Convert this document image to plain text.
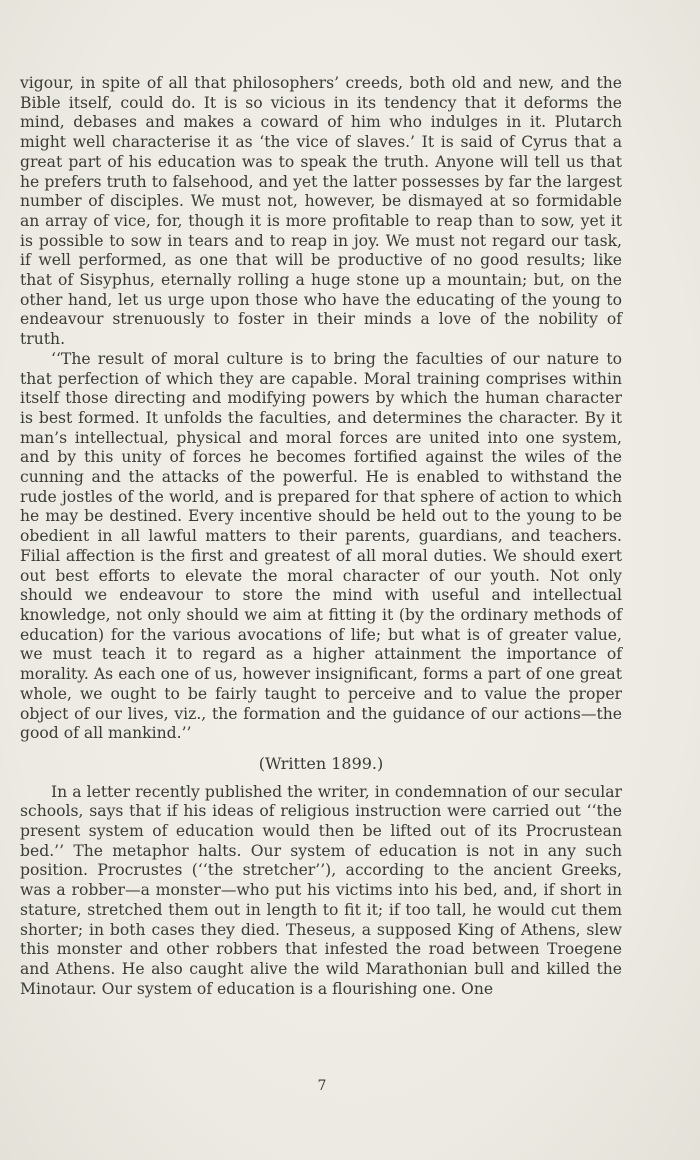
vigour, in spite of all that philosophers’ creeds, both old and new, and the Bible itself, could do. It is so vicious in its tendency that it deforms the mind, debases and makes a coward of him who indulges in it. Plutarch might well characterise it as ‘the vice of slaves.’ It is said of Cyrus that a great part of his education was to speak the truth. Anyone will tell us that he prefers truth to falsehood, and yet the latter possesses by far the largest number of disciples. We must not, however, be dismayed at so formidable an array of vice, for, though it is more profitable to reap than to sow, yet it is possible to sow in tears and to reap in joy. We must not regard our task, if well performed, as one that will be productive of no good results; like that of Sisyphus, eternally rolling a huge stone up a mountain; but, on the other hand, let us urge upon those who have the educating of the young to endeavour strenuously to foster in their minds a love of the nobility of truth.

‘‘The result of moral culture is to bring the faculties of our nature to that perfection of which they are capable. Moral training comprises within itself those directing and modifying powers by which the human character is best formed. It unfolds the faculties, and determines the character. By it man’s intellectual, physical and moral forces are united into one system, and by this unity of forces he becomes fortified against the wiles of the cunning and the attacks of the powerful. He is enabled to withstand the rude jostles of the world, and is prepared for that sphere of action to which he may be destined. Every incentive should be held out to the young to be obedient in all lawful matters to their parents, guardians, and teachers. Filial affection is the first and greatest of all moral duties. We should exert out best efforts to elevate the moral character of our youth. Not only should we endeavour to store the mind with useful and intellectual knowledge, not only should we aim at fitting it (by the ordinary methods of education) for the various avocations of life; but what is of greater value, we must teach it to regard as a higher attainment the importance of morality. As each one of us, however insignificant, forms a part of one great whole, we ought to be fairly taught to perceive and to value the proper object of our lives, viz., the formation and the guidance of our actions—the good of all mankind.’’

(Written 1899.)

In a letter recently published the writer, in condemnation of our secular schools, says that if his ideas of religious instruction were carried out ‘‘the present system of education would then be lifted out of its Procrustean bed.’’ The metaphor halts. Our system of education is not in any such position. Procrustes (‘‘the stretcher’’), according to the ancient Greeks, was a robber—a monster—who put his victims into his bed, and, if short in stature, stretched them out in length to fit it; if too tall, he would cut them shorter; in both cases they died. Theseus, a supposed King of Athens, slew this monster and other robbers that infested the road between Troegene and Athens. He also caught alive the wild Marathonian bull and killed the Minotaur. Our system of education is a flourishing one. One

7
